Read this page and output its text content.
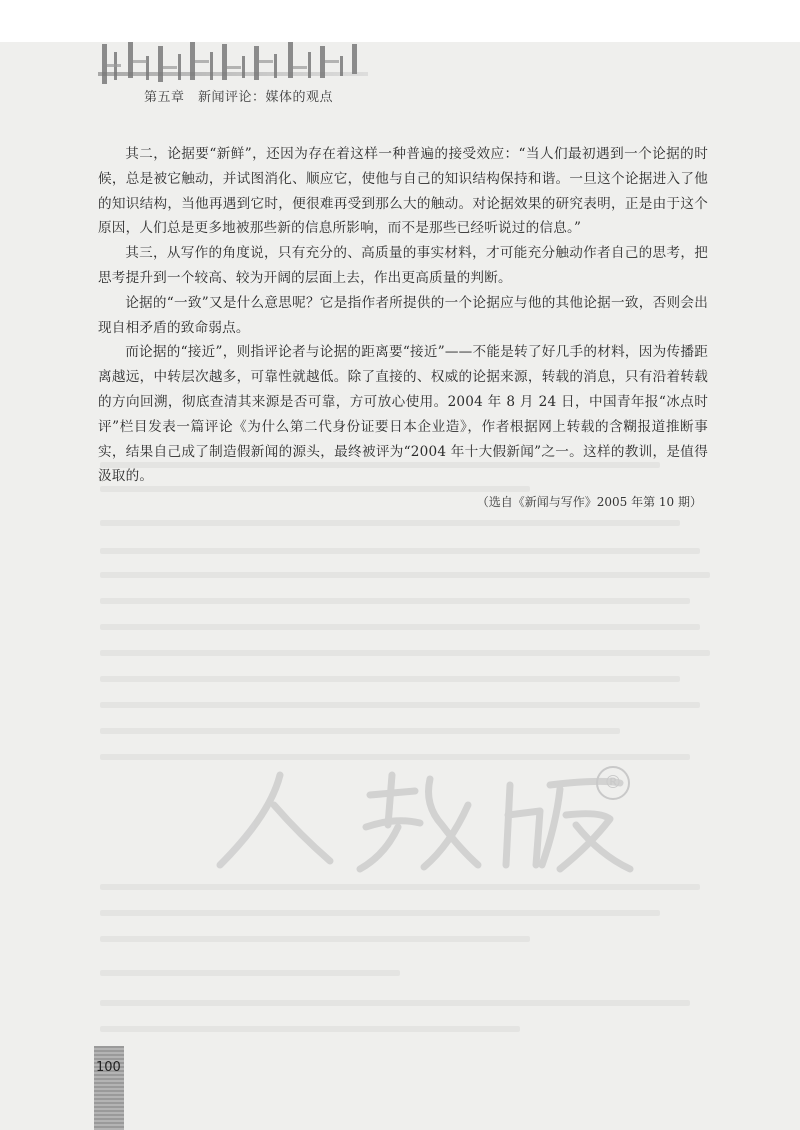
第五章　新闻评论：媒体的观点

其二，论据要“新鲜”，还因为存在着这样一种普遍的接受效应：“当人们最初遇到一个论据的时候，总是被它触动，并试图消化、顺应它，使他与自己的知识结构保持和谐。一旦这个论据进入了他的知识结构，当他再遇到它时，便很难再受到那么大的触动。对论据效果的研究表明，正是由于这个原因，人们总是更多地被那些新的信息所影响，而不是那些已经听说过的信息。”

其三，从写作的角度说，只有充分的、高质量的事实材料，才可能充分触动作者自己的思考，把思考提升到一个较高、较为开阔的层面上去，作出更高质量的判断。

论据的“一致”又是什么意思呢？它是指作者所提供的一个论据应与他的其他论据一致，否则会出现自相矛盾的致命弱点。

而论据的“接近”，则指评论者与论据的距离要“接近”——不能是转了好几手的材料，因为传播距离越远，中转层次越多，可靠性就越低。除了直接的、权威的论据来源，转载的消息，只有沿着转载的方向回溯，彻底查清其来源是否可靠，方可放心使用。2004 年 8 月 24 日，中国青年报“冰点时评”栏目发表一篇评论《为什么第二代身份证要日本企业造》，作者根据网上转载的含糊报道推断事实，结果自己成了制造假新闻的源头，最终被评为“2004 年十大假新闻”之一。这样的教训，是值得汲取的。

（选自《新闻与写作》2005 年第 10 期）

®
100
